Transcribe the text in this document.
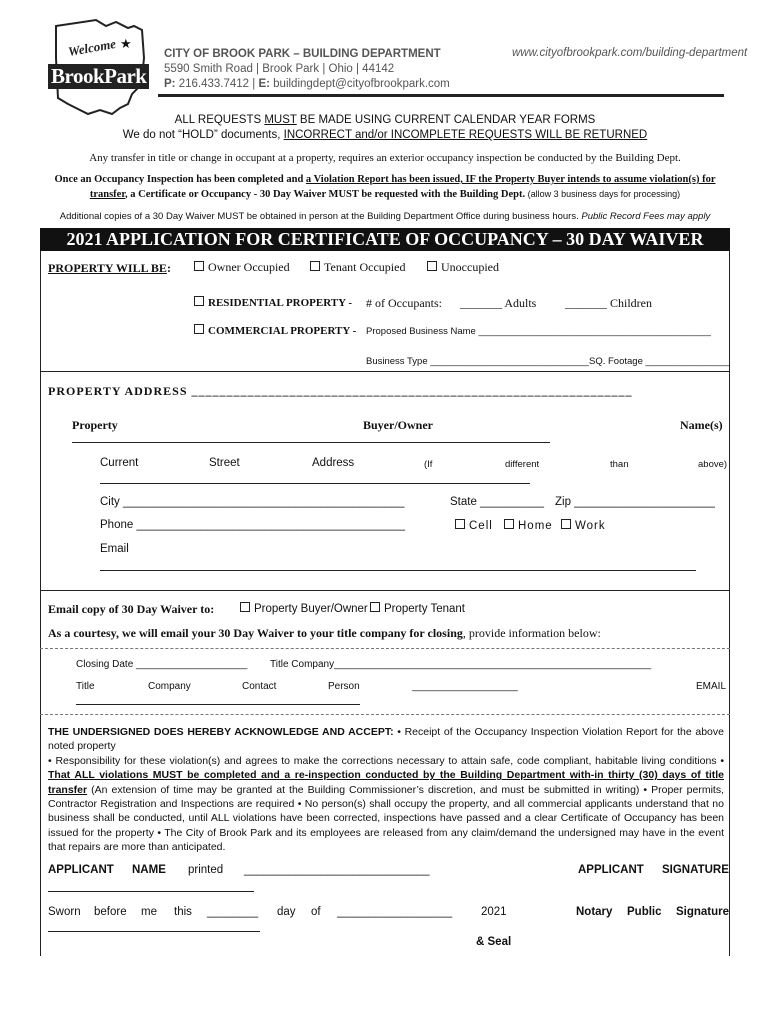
Welcome ★
BrookPark
CITY OF BROOK PARK – BUILDING DEPARTMENT
5590 Smith Road | Brook Park | Ohio | 44142
P: 216.433.7412 | E: buildingdept@cityofbrookpark.com
www.cityofbrookpark.com/building-department
ALL REQUESTS MUST BE MADE USING CURRENT CALENDAR YEAR FORMS
We do not “HOLD” documents, INCORRECT and/or INCOMPLETE REQUESTS WILL BE RETURNED
Any transfer in title or change in occupant at a property, requires an exterior occupancy inspection be conducted by the Building Dept.
Once an Occupancy Inspection has been completed and a Violation Report has been issued, IF the Property Buyer intends to assume violation(s) for transfer, a Certificate or Occupancy - 30 Day Waiver MUST be requested with the Building Dept. (allow 3 business days for processing)
Additional copies of a 30 Day Waiver MUST be obtained in person at the Building Department Office during business hours. Public Record Fees may apply
2021 APPLICATION FOR CERTIFICATE OF OCCUPANCY – 30 DAY WAIVER
PROPERTY WILL BE:	Owner Occupied	Tenant Occupied	Unoccupied
RESIDENTIAL PROPERTY - # of Occupants: _______ Adults _______ Children
COMMERCIAL PROPERTY - Proposed Business Name ____________________________________________
Business Type ______________________________ SQ. Footage ________________
PROPERTY ADDRESS _______________________________________________________________
Property	Buyer/Owner	Name(s)
Current	Street	Address	(If	different	than	above)
City ____________________________________________	State __________ Zip ______________________
Phone __________________________________________	Cell	Home	Work
Email
Email copy of 30 Day Waiver to:	Property Buyer/Owner	Property Tenant
As a courtesy, we will email your 30 Day Waiver to your title company for closing, provide information below:
Closing Date ____________________ Title Company_________________________________________________________
Title	Company	Contact	Person	___________________	EMAIL
THE UNDERSIGNED DOES HEREBY ACKNOWLEDGE AND ACCEPT: • Receipt of the Occupancy Inspection Violation Report for the above noted property
• Responsibility for these violation(s) and agrees to make the corrections necessary to attain safe, code compliant, habitable living conditions • That ALL violations MUST be completed and a re-inspection conducted by the Building Department with-in thirty (30) days of title transfer (An extension of time may be granted at the Building Commissioner’s discretion, and must be submitted in writing) • Proper permits, Contractor Registration and Inspections are required • No person(s) shall occupy the property, and all commercial applicants understand that no business shall be conducted, until ALL violations have been corrected, inspections have passed and a clear Certificate of Occupancy has been issued for the property • The City of Brook Park and its employees are released from any claim/demand the undersigned may have in the event that repairs are more than anticipated.
APPLICANT NAME printed _____________________________	APPLICANT SIGNATURE
Sworn before me this ________ day of __________________	2021	Notary Public Signature
& Seal
